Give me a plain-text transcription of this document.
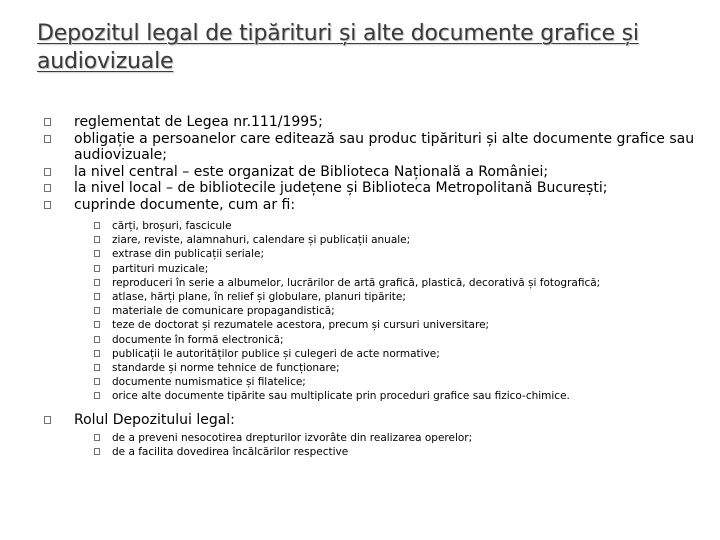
Depozitul legal de tipărituri și alte documente grafice și audiovizuale
reglementat de Legea nr.111/1995;
obligație a persoanelor care editează sau produc tipărituri și alte documente grafice sau audiovizuale;
la nivel central – este organizat de Biblioteca Națională a României;
la nivel local – de bibliotecile județene și Biblioteca Metropolitană București;
cuprinde documente, cum ar fi:
cărți, broșuri, fascicule
ziare, reviste, alamnahuri, calendare și publicații anuale;
extrase din publicații seriale;
partituri muzicale;
reproduceri în serie a albumelor, lucrărilor de artă grafică, plastică, decorativă și fotografică;
atlase, hărți plane, în relief și globulare, planuri tipărite;
materiale de comunicare propagandistică;
teze de doctorat și rezumatele acestora, precum și cursuri universitare;
documente în formă electronică;
publicații le autorităților publice și culegeri de acte normative;
standarde și norme tehnice de funcționare;
documente numismatice și filatelice;
orice alte documente tipărite sau multiplicate prin proceduri grafice sau fizico-chimice.
Rolul Depozitului legal:
de a preveni nesocotirea drepturilor izvorâte din realizarea operelor;
de a facilita dovedirea încălcărilor respective
